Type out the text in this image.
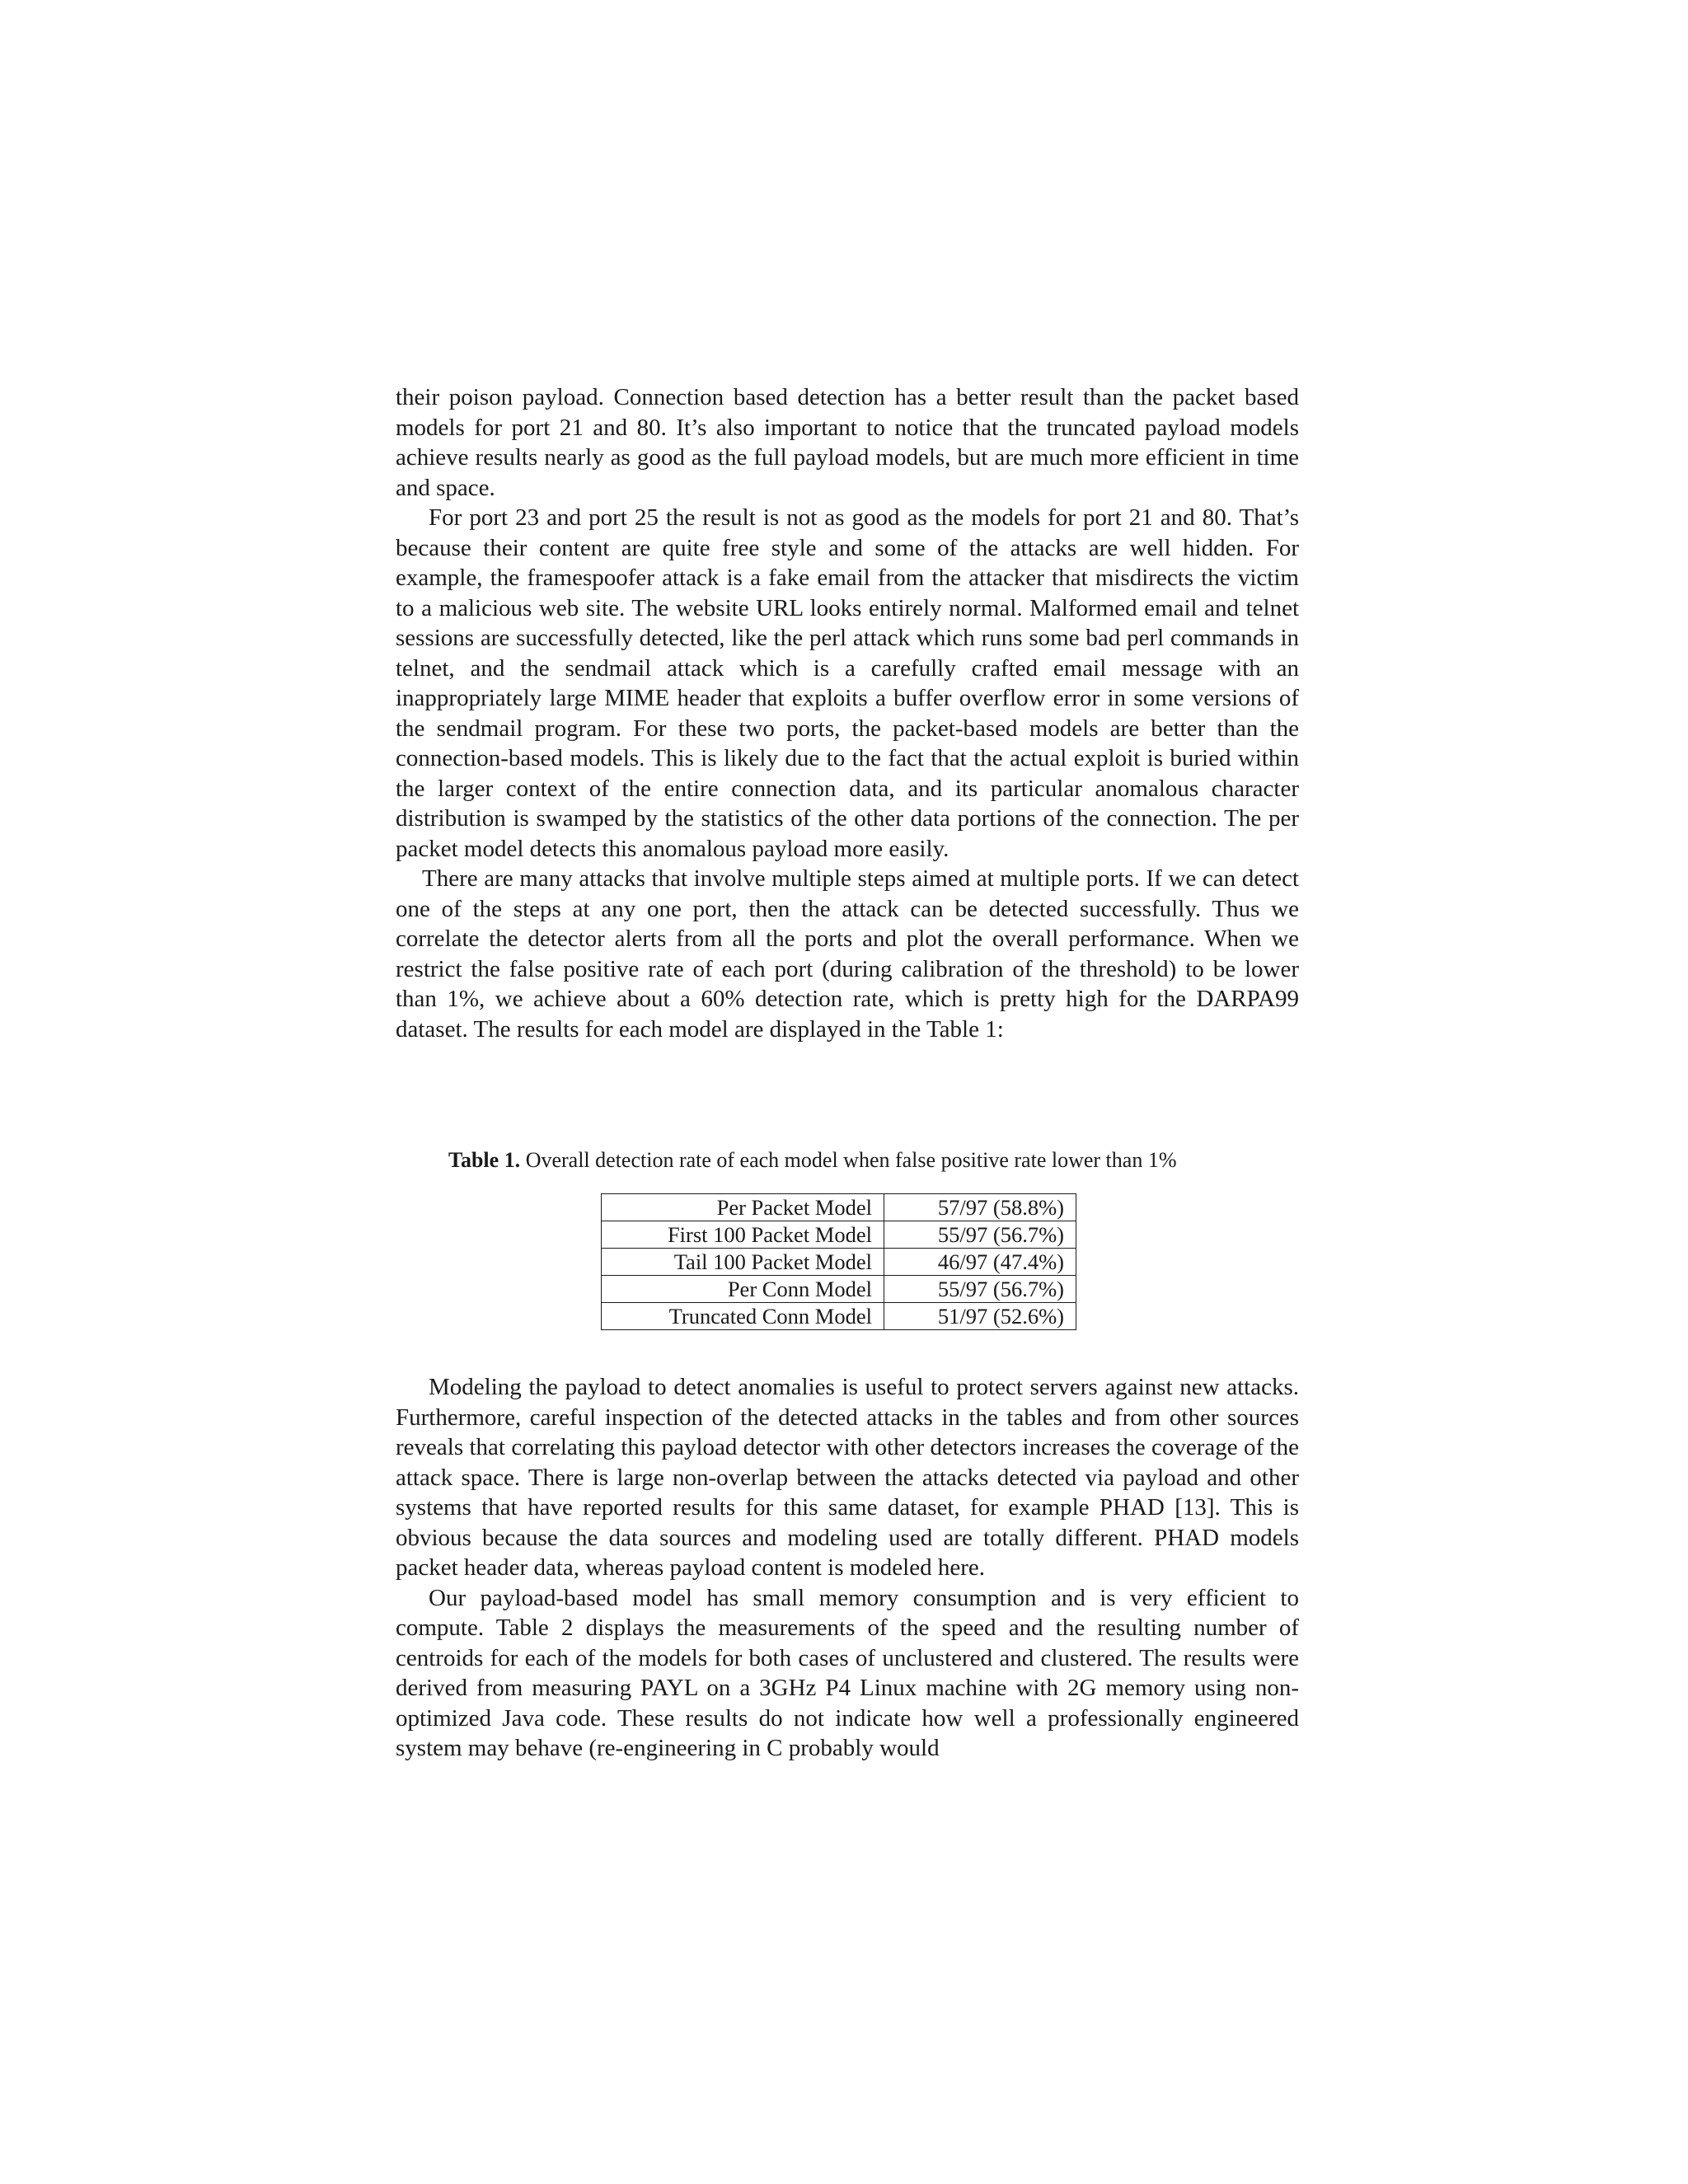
their poison payload. Connection based detection has a better result than the packet based models for port 21 and 80. It’s also important to notice that the truncated payload models achieve results nearly as good as the full payload models, but are much more efficient in time and space.

For port 23 and port 25 the result is not as good as the models for port 21 and 80. That’s because their content are quite free style and some of the attacks are well hidden. For example, the framespoofer attack is a fake email from the attacker that misdirects the victim to a malicious web site. The website URL looks entirely normal. Malformed email and telnet sessions are successfully detected, like the perl attack which runs some bad perl commands in telnet, and the sendmail attack which is a carefully crafted email message with an inappropriately large MIME header that exploits a buffer overflow error in some versions of the sendmail program. For these two ports, the packet-based models are better than the connection-based models. This is likely due to the fact that the actual exploit is buried within the larger context of the entire connection data, and its particular anomalous character distribution is swamped by the statistics of the other data portions of the connection. The per packet model detects this anomalous payload more easily.

There are many attacks that involve multiple steps aimed at multiple ports. If we can detect one of the steps at any one port, then the attack can be detected successfully. Thus we correlate the detector alerts from all the ports and plot the overall performance. When we restrict the false positive rate of each port (during calibration of the threshold) to be lower than 1%, we achieve about a 60% detection rate, which is pretty high for the DARPA99 dataset. The results for each model are displayed in the Table 1:

Table 1. Overall detection rate of each model when false positive rate lower than 1%
Per Packet Model	57/97 (58.8%)
First 100 Packet Model	55/97 (56.7%)
Tail 100 Packet Model	46/97 (47.4%)
Per Conn Model	55/97 (56.7%)
Truncated Conn Model	51/97 (52.6%)

Modeling the payload to detect anomalies is useful to protect servers against new attacks. Furthermore, careful inspection of the detected attacks in the tables and from other sources reveals that correlating this payload detector with other detectors increases the coverage of the attack space. There is large non-overlap between the attacks detected via payload and other systems that have reported results for this same dataset, for example PHAD [13]. This is obvious because the data sources and modeling used are totally different. PHAD models packet header data, whereas payload content is modeled here.

Our payload-based model has small memory consumption and is very efficient to compute. Table 2 displays the measurements of the speed and the resulting number of centroids for each of the models for both cases of unclustered and clustered. The results were derived from measuring PAYL on a 3GHz P4 Linux machine with 2G memory using non-optimized Java code. These results do not indicate how well a professionally engineered system may behave (re-engineering in C probably would
